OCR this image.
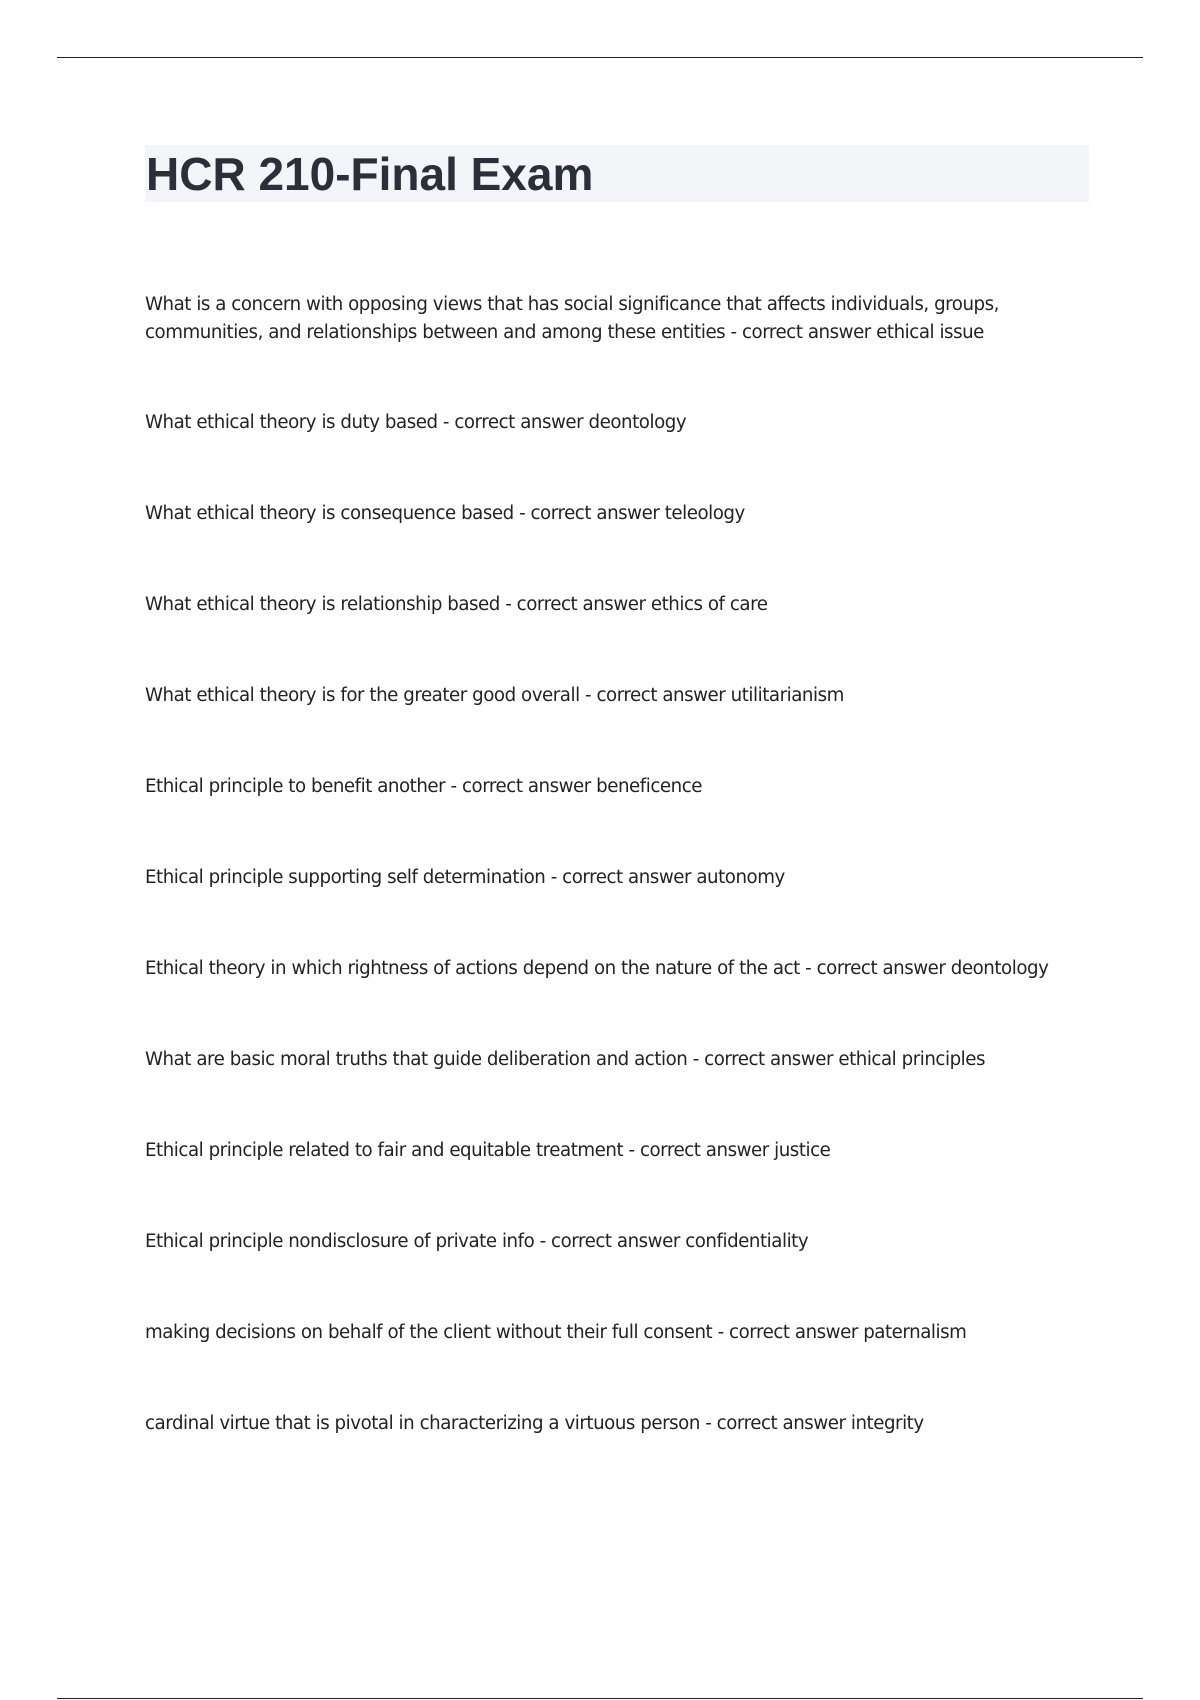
HCR 210-Final Exam
What is a concern with opposing views that has social significance that affects individuals, groups, communities, and relationships between and among these entities - correct answer ethical issue
What ethical theory is duty based - correct answer deontology
What ethical theory is consequence based - correct answer teleology
What ethical theory is relationship based - correct answer ethics of care
What ethical theory is for the greater good overall - correct answer utilitarianism
Ethical principle to benefit another - correct answer beneficence
Ethical principle supporting self determination - correct answer autonomy
Ethical theory in which rightness of actions depend on the nature of the act - correct answer deontology
What are basic moral truths that guide deliberation and action - correct answer ethical principles
Ethical principle related to fair and equitable treatment - correct answer justice
Ethical principle nondisclosure of private info - correct answer confidentiality
making decisions on behalf of the client without their full consent - correct answer paternalism
cardinal virtue that is pivotal in characterizing a virtuous person - correct answer integrity
